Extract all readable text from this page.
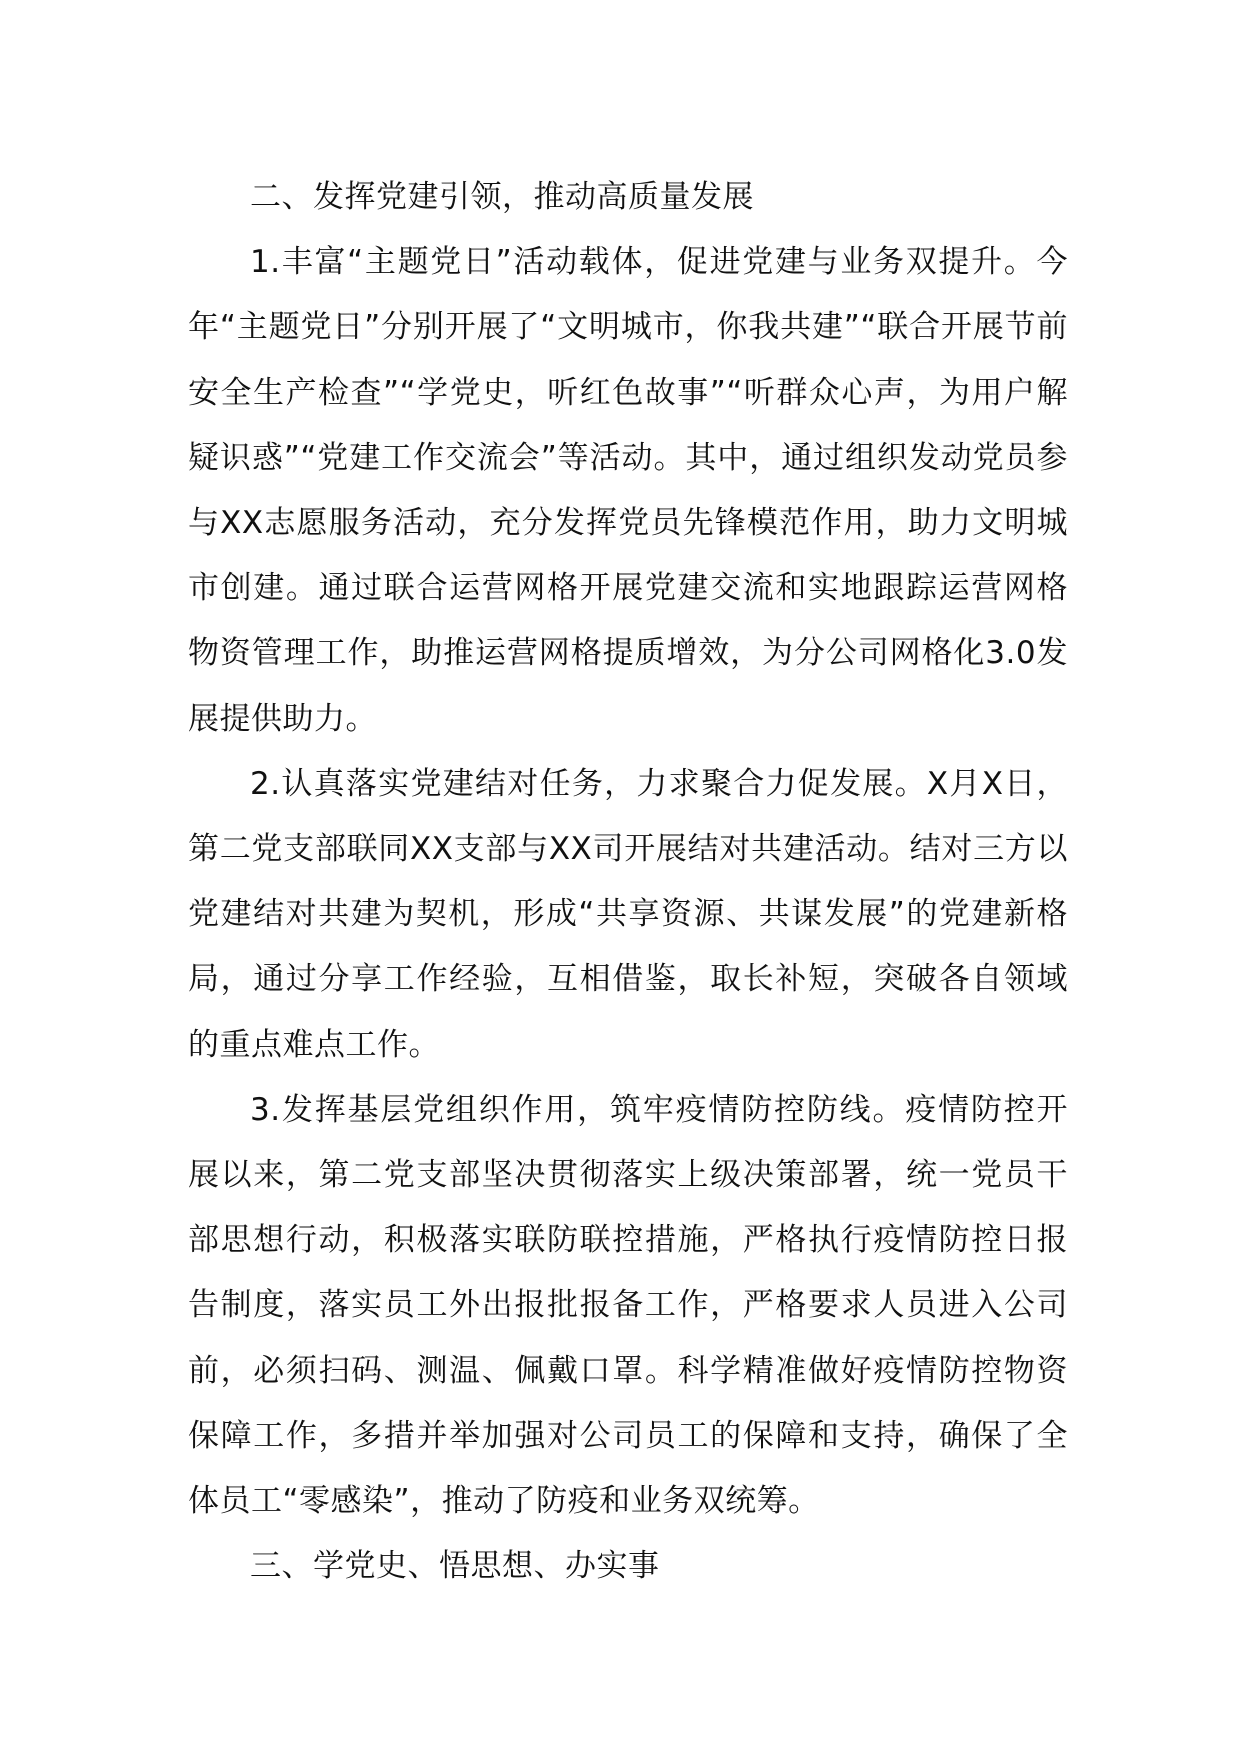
二、发挥党建引领，推动高质量发展

1.丰富“主题党日”活动载体，促进党建与业务双提升。今年“主题党日”分别开展了“文明城市，你我共建”“联合开展节前安全生产检查”“学党史，听红色故事”“听群众心声，为用户解疑识惑”“党建工作交流会”等活动。其中，通过组织发动党员参与XX志愿服务活动，充分发挥党员先锋模范作用，助力文明城市创建。通过联合运营网格开展党建交流和实地跟踪运营网格物资管理工作，助推运营网格提质增效，为分公司网格化3.0发展提供助力。

2.认真落实党建结对任务，力求聚合力促发展。X月X日，第二党支部联同XX支部与XX司开展结对共建活动。结对三方以党建结对共建为契机，形成“共享资源、共谋发展”的党建新格局，通过分享工作经验，互相借鉴，取长补短，突破各自领域的重点难点工作。

3.发挥基层党组织作用，筑牢疫情防控防线。疫情防控开展以来，第二党支部坚决贯彻落实上级决策部署，统一党员干部思想行动，积极落实联防联控措施，严格执行疫情防控日报告制度，落实员工外出报批报备工作，严格要求人员进入公司前，必须扫码、测温、佩戴口罩。科学精准做好疫情防控物资保障工作，多措并举加强对公司员工的保障和支持，确保了全体员工“零感染”，推动了防疫和业务双统筹。

三、学党史、悟思想、办实事
